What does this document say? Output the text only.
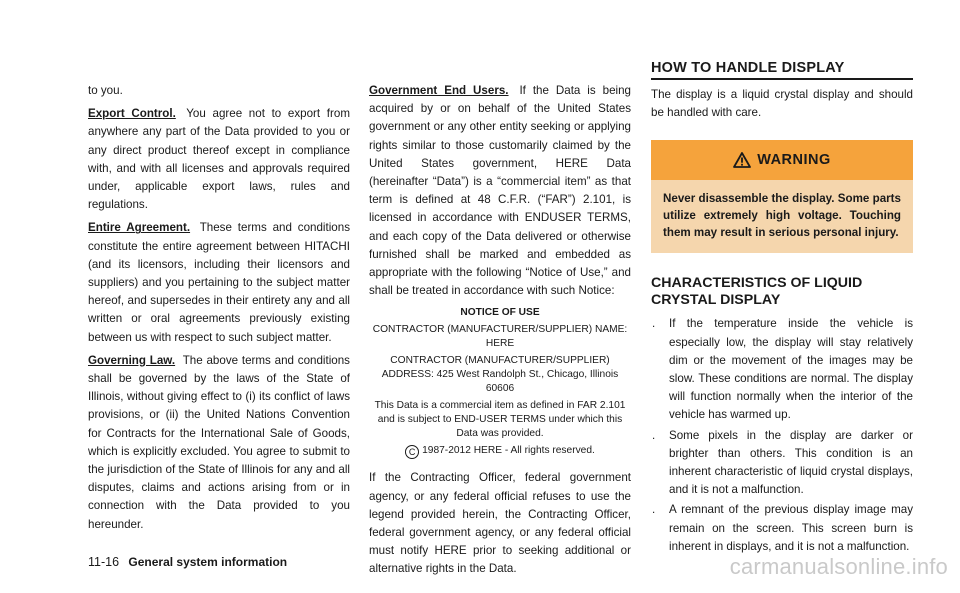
to you.

Export Control. You agree not to export from anywhere any part of the Data provided to you or any direct product thereof except in compliance with, and with all licenses and approvals required under, applicable export laws, rules and regulations.

Entire Agreement. These terms and conditions constitute the entire agreement between HITACHI (and its licensors, including their licensors and suppliers) and you pertaining to the subject matter hereof, and supersedes in their entirety any and all written or oral agreements previously existing between us with respect to such subject matter.

Governing Law. The above terms and conditions shall be governed by the laws of the State of Illinois, without giving effect to (i) its conflict of laws provisions, or (ii) the United Nations Convention for Contracts for the International Sale of Goods, which is explicitly excluded. You agree to submit to the jurisdiction of the State of Illinois for any and all disputes, claims and actions arising from or in connection with the Data provided to you hereunder.

Government End Users. If the Data is being acquired by or on behalf of the United States government or any other entity seeking or applying rights similar to those customarily claimed by the United States government, HERE Data (hereinafter “Data”) is a “commercial item” as that term is defined at 48 C.F.R. (“FAR”) 2.101, is licensed in accordance with ENDUSER TERMS, and each copy of the Data delivered or otherwise furnished shall be marked and embedded as appropriate with the following “Notice of Use,” and shall be treated in accordance with such Notice:

NOTICE OF USE
CONTRACTOR (MANUFACTURER/SUPPLIER) NAME: HERE
CONTRACTOR (MANUFACTURER/SUPPLIER) ADDRESS: 425 West Randolph St., Chicago, Illinois 60606
This Data is a commercial item as defined in FAR 2.101 and is subject to END-USER TERMS under which this Data was provided.
C 1987-2012 HERE - All rights reserved.

If the Contracting Officer, federal government agency, or any federal official refuses to use the legend provided herein, the Contracting Officer, federal government agency, or any federal official must notify HERE prior to seeking additional or alternative rights in the Data.

HOW TO HANDLE DISPLAY

The display is a liquid crystal display and should be handled with care.

WARNING
Never disassemble the display. Some parts utilize extremely high voltage. Touching them may result in serious personal injury.
CHARACTERISTICS OF LIQUID CRYSTAL DISPLAY
. If the temperature inside the vehicle is especially low, the display will stay relatively dim or the movement of the images may be slow. These conditions are normal. The display will function normally when the interior of the vehicle has warmed up.
. Some pixels in the display are darker or brighter than others. This condition is an inherent characteristic of liquid crystal displays, and it is not a malfunction.
. A remnant of the previous display image may remain on the screen. This screen burn is inherent in displays, and it is not a malfunction.
11-16 General system information	carmanualsonline.info
